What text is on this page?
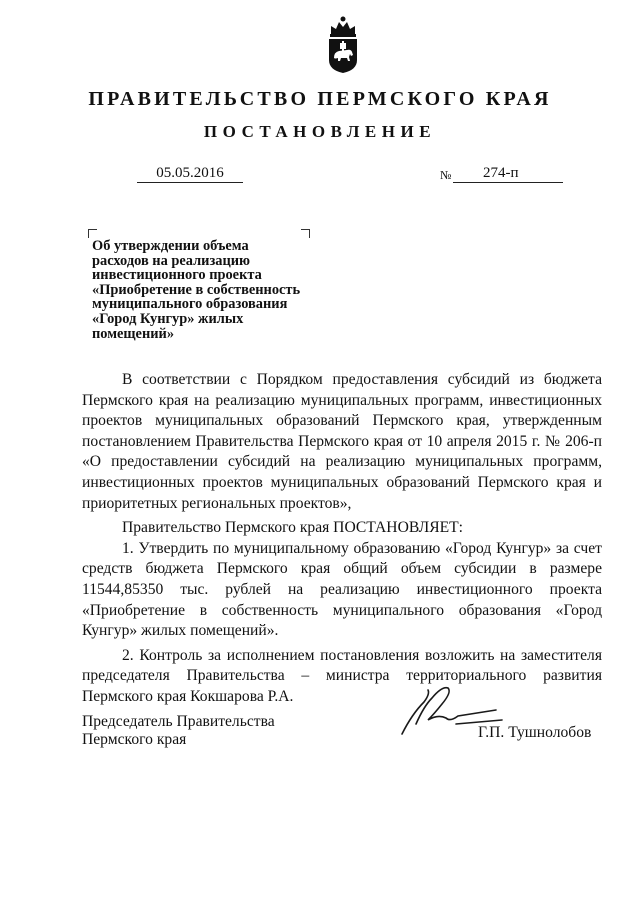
ПРАВИТЕЛЬСТВО ПЕРМСКОГО КРАЯ
ПОСТАНОВЛЕНИЕ
05.05.2016	№	274-п
Об утверждении объема
расходов на реализацию
инвестиционного проекта
«Приобретение в собственность
муниципального образования
«Город Кунгур» жилых
помещений»

В соответствии с Порядком предоставления субсидий из бюджета Пермского края на реализацию муниципальных программ, инвестиционных проектов муниципальных образований Пермского края, утвержденным постановлением Правительства Пермского края от 10 апреля 2015 г. № 206-п «О предоставлении субсидий на реализацию муниципальных программ, инвестиционных проектов муниципальных образований Пермского края и приоритетных региональных проектов»,

Правительство Пермского края ПОСТАНОВЛЯЕТ:

1. Утвердить по муниципальному образованию «Город Кунгур» за счет средств бюджета Пермского края общий объем субсидии в размере 11544,85350 тыс. рублей на реализацию инвестиционного проекта «Приобретение в собственность муниципального образования «Город Кунгур» жилых помещений».

2. Контроль за исполнением постановления возложить на заместителя председателя Правительства – министра территориального развития Пермского края Кокшарова Р.А.

Председатель Правительства
Пермского края	Г.П. Тушнолобов
